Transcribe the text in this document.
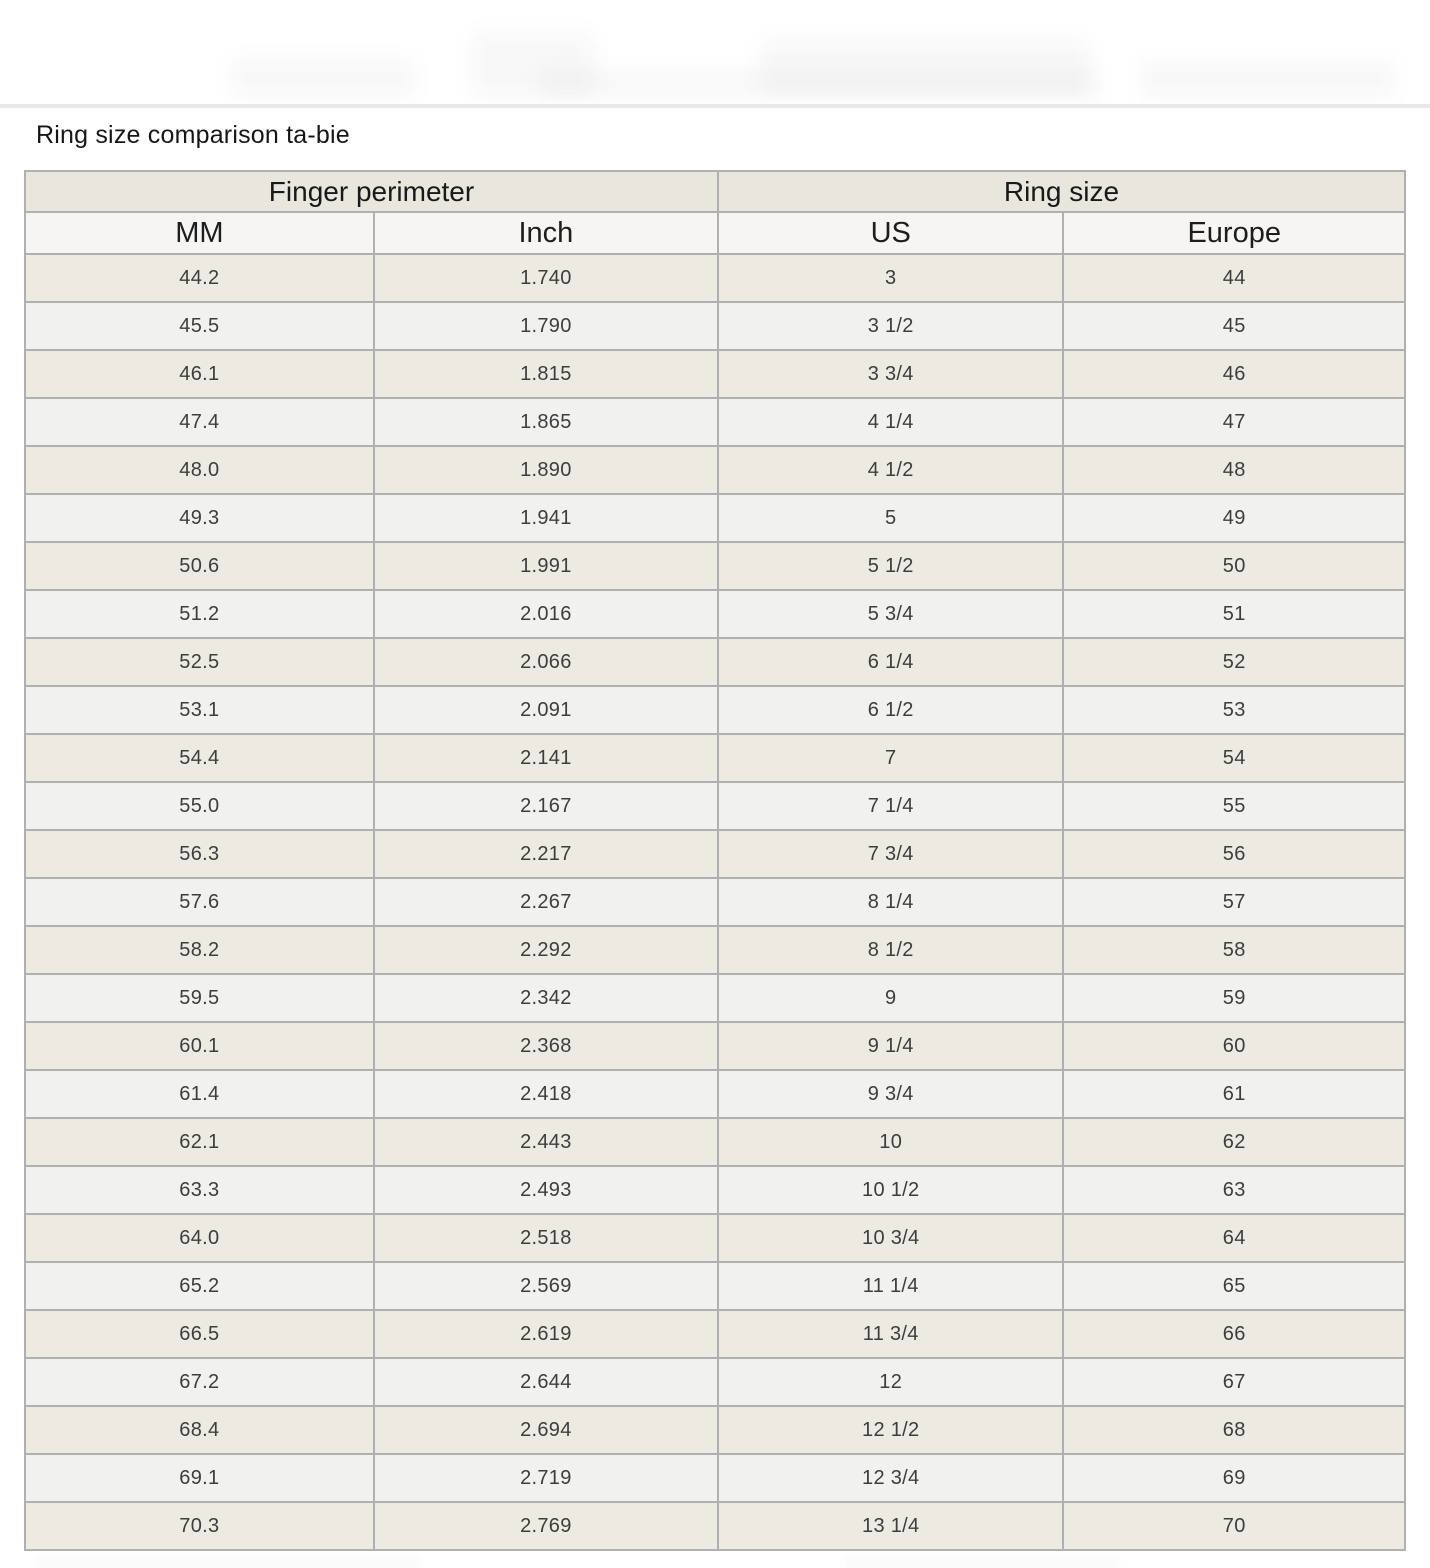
Ring size comparison ta-bie
Finger perimeter		Ring size	
MM	Inch	US	Europe
44.2	1.740	3	44
45.5	1.790	3 1/2	45
46.1	1.815	3 3/4	46
47.4	1.865	4 1/4	47
48.0	1.890	4 1/2	48
49.3	1.941	5	49
50.6	1.991	5 1/2	50
51.2	2.016	5 3/4	51
52.5	2.066	6 1/4	52
53.1	2.091	6 1/2	53
54.4	2.141	7	54
55.0	2.167	7 1/4	55
56.3	2.217	7 3/4	56
57.6	2.267	8 1/4	57
58.2	2.292	8 1/2	58
59.5	2.342	9	59
60.1	2.368	9 1/4	60
61.4	2.418	9 3/4	61
62.1	2.443	10	62
63.3	2.493	10 1/2	63
64.0	2.518	10 3/4	64
65.2	2.569	11 1/4	65
66.5	2.619	11 3/4	66
67.2	2.644	12	67
68.4	2.694	12 1/2	68
69.1	2.719	12 3/4	69
70.3	2.769	13 1/4	70
